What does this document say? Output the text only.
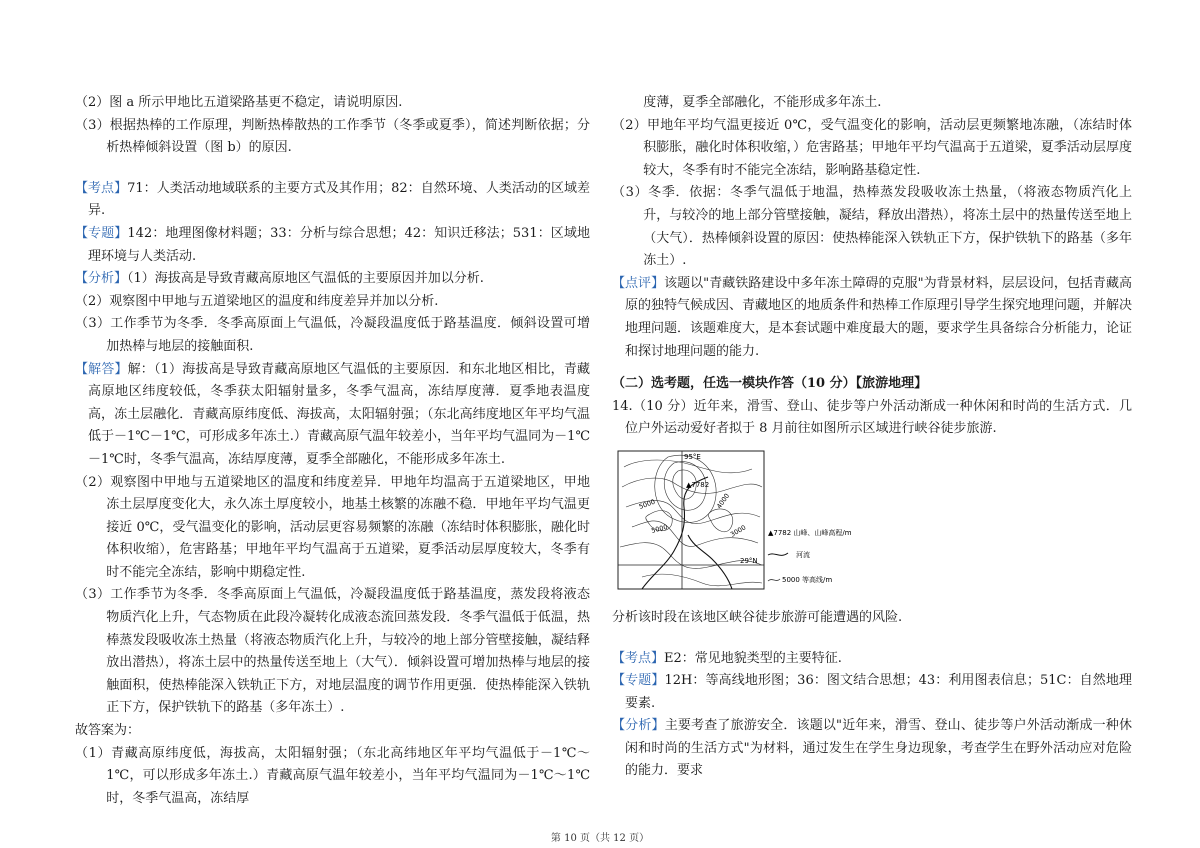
（2）图 a 所示甲地比五道梁路基更不稳定，请说明原因.

（3）根据热棒的工作原理，判断热棒散热的工作季节（冬季或夏季），简述判断依据；分析热棒倾斜设置（图 b）的原因.

【考点】71：人类活动地域联系的主要方式及其作用；82：自然环境、人类活动的区域差异.

【专题】142：地理图像材料题；33：分析与综合思想；42：知识迁移法；531：区域地理环境与人类活动.

【分析】（1）海拔高是导致青藏高原地区气温低的主要原因并加以分析.

（2）观察图中甲地与五道梁地区的温度和纬度差异并加以分析.

（3）工作季节为冬季．冬季高原面上气温低，冷凝段温度低于路基温度．倾斜设置可增加热棒与地层的接触面积.

【解答】解：（1）海拔高是导致青藏高原地区气温低的主要原因．和东北地区相比，青藏高原地区纬度较低，冬季获太阳辐射量多，冬季气温高，冻结厚度薄．夏季地表温度高，冻土层融化．青藏高原纬度低、海拔高，太阳辐射强；（东北高纬度地区年平均气温低于－1℃－1℃，可形成多年冻土.）青藏高原气温年较差小，当年平均气温同为－1℃－1℃时，冬季气温高，冻结厚度薄，夏季全部融化，不能形成多年冻土.

（2）观察图中甲地与五道梁地区的温度和纬度差异．甲地年均温高于五道梁地区，甲地冻土层厚度变化大，永久冻土厚度较小，地基土核繁的冻融不稳．甲地年平均气温更接近 0℃，受气温变化的影响，活动层更容易频繁的冻融（冻结时体积膨胀，融化时体积收缩），危害路基；甲地年平均气温高于五道梁，夏季活动层厚度较大，冬季有时不能完全冻结，影响中期稳定性.

（3）工作季节为冬季．冬季高原面上气温低，冷凝段温度低于路基温度，蒸发段将液态物质汽化上升，气态物质在此段冷凝转化成液态流回蒸发段．冬季气温低于低温，热棒蒸发段吸收冻土热量（将液态物质汽化上升，与较冷的地上部分管壁接触，凝结释放出潜热），将冻土层中的热量传送至地上（大气）．倾斜设置可增加热棒与地层的接触面积，使热棒能深入铁轨正下方，对地层温度的调节作用更强．使热棒能深入铁轨正下方，保护铁轨下的路基（多年冻土）.

故答案为：

（1）青藏高原纬度低，海拔高，太阳辐射强；（东北高纬地区年平均气温低于－1℃～1℃，可以形成多年冻土.）青藏高原气温年较差小，当年平均气温同为－1℃～1℃时，冬季气温高，冻结厚

度薄，夏季全部融化，不能形成多年冻土.

（2）甲地年平均气温更接近 0℃，受气温变化的影响，活动层更频繁地冻融，（冻结时体积膨胀，融化时体积收缩，）危害路基；甲地年平均气温高于五道梁，夏季活动层厚度较大，冬季有时不能完全冻结，影响路基稳定性.

（3）冬季．依据：冬季气温低于地温，热棒蒸发段吸收冻土热量，（将液态物质汽化上升，与较冷的地上部分管壁接触，凝结，释放出潜热），将冻土层中的热量传送至地上（大气）．热棒倾斜设置的原因：使热棒能深入铁轨正下方，保护铁轨下的路基（多年冻土）.

【点评】该题以"青藏铁路建设中多年冻土障碍的克服"为背景材料，层层设问，包括青藏高原的独特气候成因、青藏地区的地质条件和热棒工作原理引导学生探究地理问题，并解决地理问题．该题难度大，是本套试题中难度最大的题，要求学生具备综合分析能力，论证和探讨地理问题的能力.

（二）选考题，任选一模块作答（10 分）【旅游地理】

14.（10 分）近年来，滑雪、登山、徒步等户外活动渐成一种休闲和时尚的生活方式．几位户外运动爱好者拟于 8 月前往如图所示区域进行峡谷徒步旅游.

95°E
29°N
▲7782
5000
5000
4000
3000	▲7782 山峰、山峰高程/m
河流
5000 等高线/m

分析该时段在该地区峡谷徒步旅游可能遭遇的风险.

【考点】E2：常见地貌类型的主要特征.

【专题】12H：等高线地形图；36：图文结合思想；43：利用图表信息；51C：自然地理要素.

【分析】主要考查了旅游安全．该题以"近年来，滑雪、登山、徒步等户外活动渐成一种休闲和时尚的生活方式"为材料，通过发生在学生身边现象，考查学生在野外活动应对危险的能力．要求

第 10 页（共 12 页）
